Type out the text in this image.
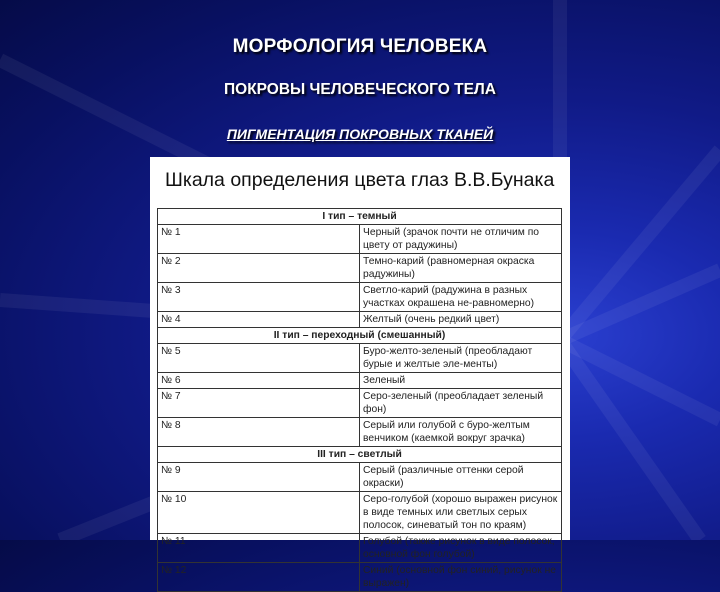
МОРФОЛОГИЯ ЧЕЛОВЕКА
ПОКРОВЫ ЧЕЛОВЕЧЕСКОГО ТЕЛА
ПИГМЕНТАЦИЯ ПОКРОВНЫХ ТКАНЕЙ
Шкала определения цвета глаз В.В.Бунака
I тип – темный	
№ 1	Черный (зрачок почти не отличим по цвету от радужины)
№ 2	Темно-карий (равномерная окраска радужины)
№ 3	Светло-карий (радужина в разных участках окрашена не-равномерно)
№ 4	Желтый (очень редкий цвет)
II тип – переходный (смешанный)	
№ 5	Буро-желто-зеленый (преобладают бурые и желтые эле-менты)
№ 6	Зеленый
№ 7	Серо-зеленый (преобладает зеленый фон)
№ 8	Серый или голубой с буро-желтым венчиком (каемкой вокруг зрачка)
III тип – светлый	
№ 9	Серый (различные оттенки серой окраски)
№ 10	Серо-голубой (хорошо выражен рисунок в виде темных или светлых серых полосок, синеватый тон по краям)
№ 11	Голубой (также рисунок в виде полосок, основной фон голубой)
№ 12	Синий (основной фон синий, рисунок не выражен)
